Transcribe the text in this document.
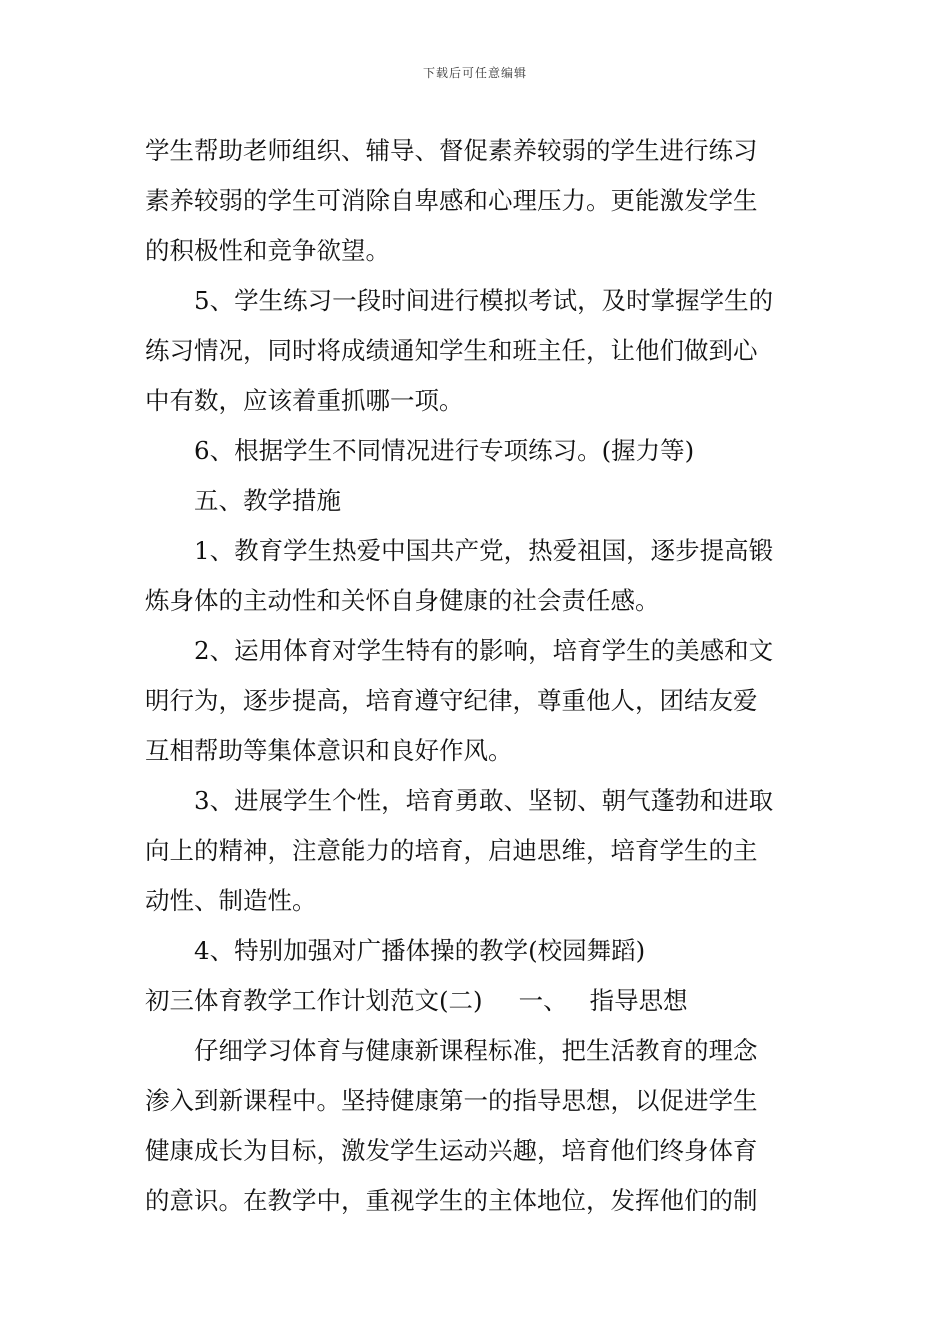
下载后可任意编辑
学生帮助老师组织、辅导、督促素养较弱的学生进行练习
素养较弱的学生可消除自卑感和心理压力。更能激发学生
的积极性和竞争欲望。
5、学生练习一段时间进行模拟考试，及时掌握学生的
练习情况，同时将成绩通知学生和班主任，让他们做到心
中有数，应该着重抓哪一项。
6、根据学生不同情况进行专项练习。(握力等)
五、教学措施
1、教育学生热爱中国共产党，热爱祖国，逐步提高锻
炼身体的主动性和关怀自身健康的社会责任感。
2、运用体育对学生特有的影响，培育学生的美感和文
明行为，逐步提高，培育遵守纪律，尊重他人，团结友爱
互相帮助等集体意识和良好作风。
3、进展学生个性，培育勇敢、坚韧、朝气蓬勃和进取
向上的精神，注意能力的培育，启迪思维，培育学生的主
动性、制造性。
4、特别加强对广播体操的教学(校园舞蹈)
初三体育教学工作计划范文(二) 一、 指导思想
仔细学习体育与健康新课程标准，把生活教育的理念
渗入到新课程中。坚持健康第一的指导思想，以促进学生
健康成长为目标，激发学生运动兴趣，培育他们终身体育
的意识。在教学中，重视学生的主体地位，发挥他们的制
